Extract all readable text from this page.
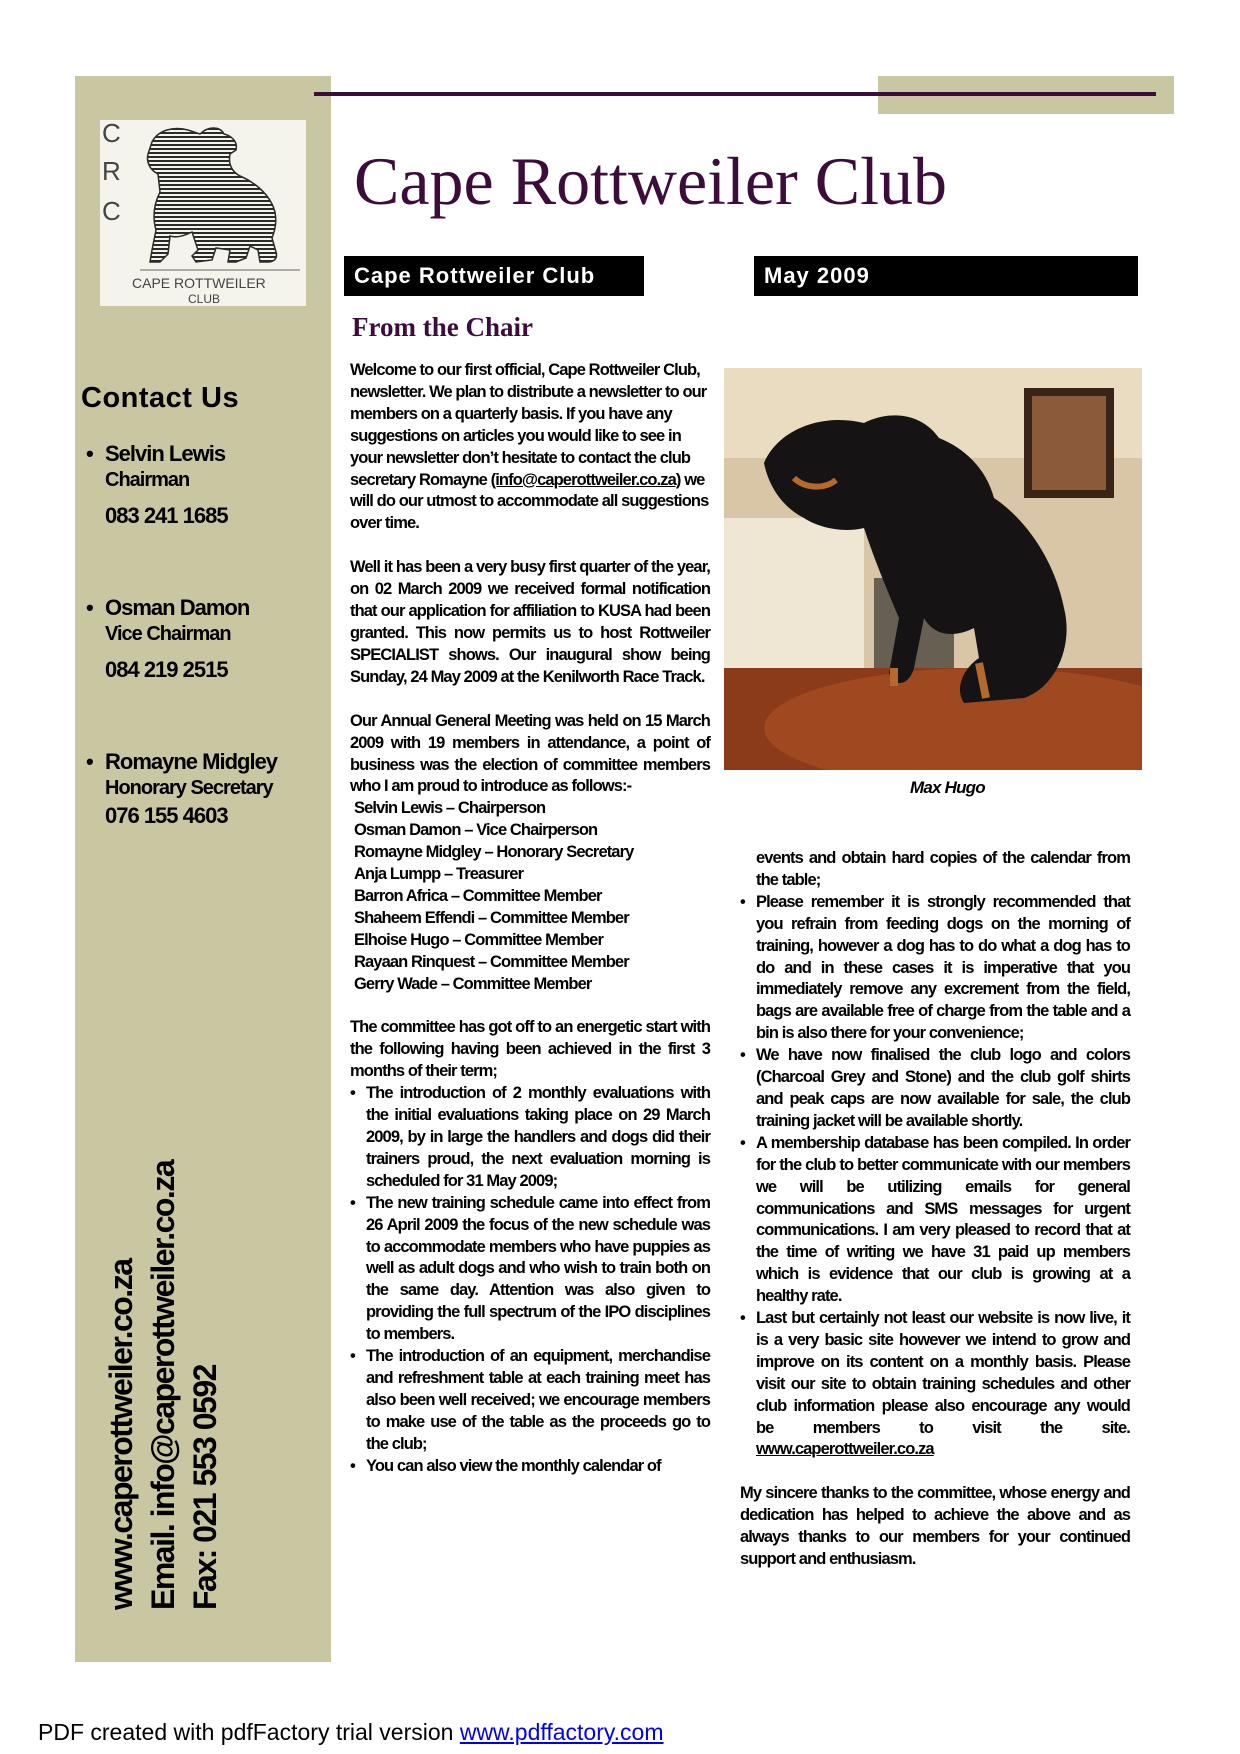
C
R
C
CAPE ROTTWEILER
CLUB
Contact Us
• Selvin Lewis
Chairman
083 241 1685
• Osman Damon
Vice Chairman
084 219 2515
• Romayne Midgley
Honorary Secretary
076 155 4603
www.caperottweiler.co.za Email. info@caperottweiler.co.za Fax: 021 553 0592
Cape Rottweiler Club
Cape Rottweiler Club	May 2009
From the Chair

Welcome to our first official, Cape Rottweiler Club, newsletter. We plan to distribute a newsletter to our members on a quarterly basis. If you have any suggestions on articles you would like to see in your newsletter don’t hesitate to contact the club secretary Romayne (info@caperottweiler.co.za) we will do our utmost to accommodate all suggestions over time.

Well it has been a very busy first quarter of the year, on 02 March 2009 we received formal notification that our application for affiliation to KUSA had been granted. This now permits us to host Rottweiler SPECIALIST shows. Our inaugural show being Sunday, 24 May 2009 at the Kenilworth Race Track.

Our Annual General Meeting was held on 15 March 2009 with 19 members in attendance, a point of business was the election of committee members who I am proud to introduce as follows:-

Selvin Lewis – Chairperson

Osman Damon – Vice Chairperson

Romayne Midgley – Honorary Secretary

Anja Lumpp – Treasurer

Barron Africa – Committee Member

Shaheem Effendi – Committee Member

Elhoise Hugo – Committee Member

Rayaan Rinquest – Committee Member

Gerry Wade – Committee Member

The committee has got off to an energetic start with the following having been achieved in the first 3 months of their term;

• The introduction of 2 monthly evaluations with the initial evaluations taking place on 29 March 2009, by in large the handlers and dogs did their trainers proud, the next evaluation morning is scheduled for 31 May 2009;
• The new training schedule came into effect from 26 April 2009 the focus of the new schedule was to accommodate members who have puppies as well as adult dogs and who wish to train both on the same day. Attention was also given to providing the full spectrum of the IPO disciplines to members.
• The introduction of an equipment, merchandise and refreshment table at each training meet has also been well received; we encourage members to make use of the table as the proceeds go to the club;
• You can also view the monthly calendar of
Max Hugo

events and obtain hard copies of the calendar from the table;

• Please remember it is strongly recommended that you refrain from feeding dogs on the morning of training, however a dog has to do what a dog has to do and in these cases it is imperative that you immediately remove any excrement from the field, bags are available free of charge from the table and a bin is also there for your convenience;
• We have now finalised the club logo and colors (Charcoal Grey and Stone) and the club golf shirts and peak caps are now available for sale, the club training jacket will be available shortly.
• A membership database has been compiled. In order for the club to better communicate with our members we will be utilizing emails for general communications and SMS messages for urgent communications. I am very pleased to record that at the time of writing we have 31 paid up members which is evidence that our club is growing at a healthy rate.
• Last but certainly not least our website is now live, it is a very basic site however we intend to grow and improve on its content on a monthly basis. Please visit our site to obtain training schedules and other club information please also encourage any would be members to visit the site. www.caperottweiler.co.za

My sincere thanks to the committee, whose energy and dedication has helped to achieve the above and as always thanks to our members for your continued support and enthusiasm.

PDF created with pdfFactory trial version www.pdffactory.com
